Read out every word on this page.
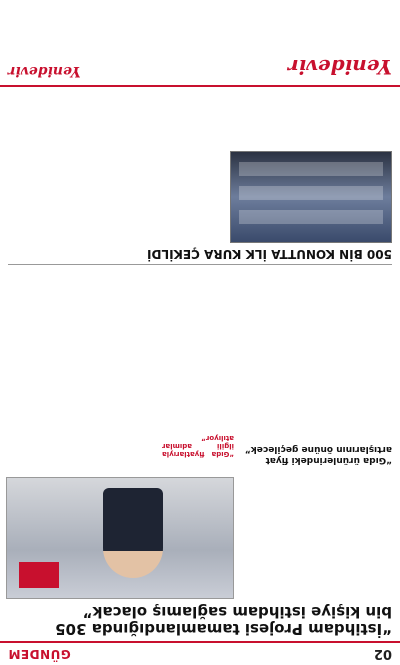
02
GÜNDEM
“İstihdam Projesi tamamlandığında 305 bin kişiye istihdam sağlamış olacak”
“Gıda ürünlerindeki fiyat artışlarının önüne geçilecek”

“Gıda fiyatlarıyla ilgili adımlar atılıyor”

500 BİN KONUTTA İLK KURA ÇEKİLDİ

Yenidevir
Yenidevir
